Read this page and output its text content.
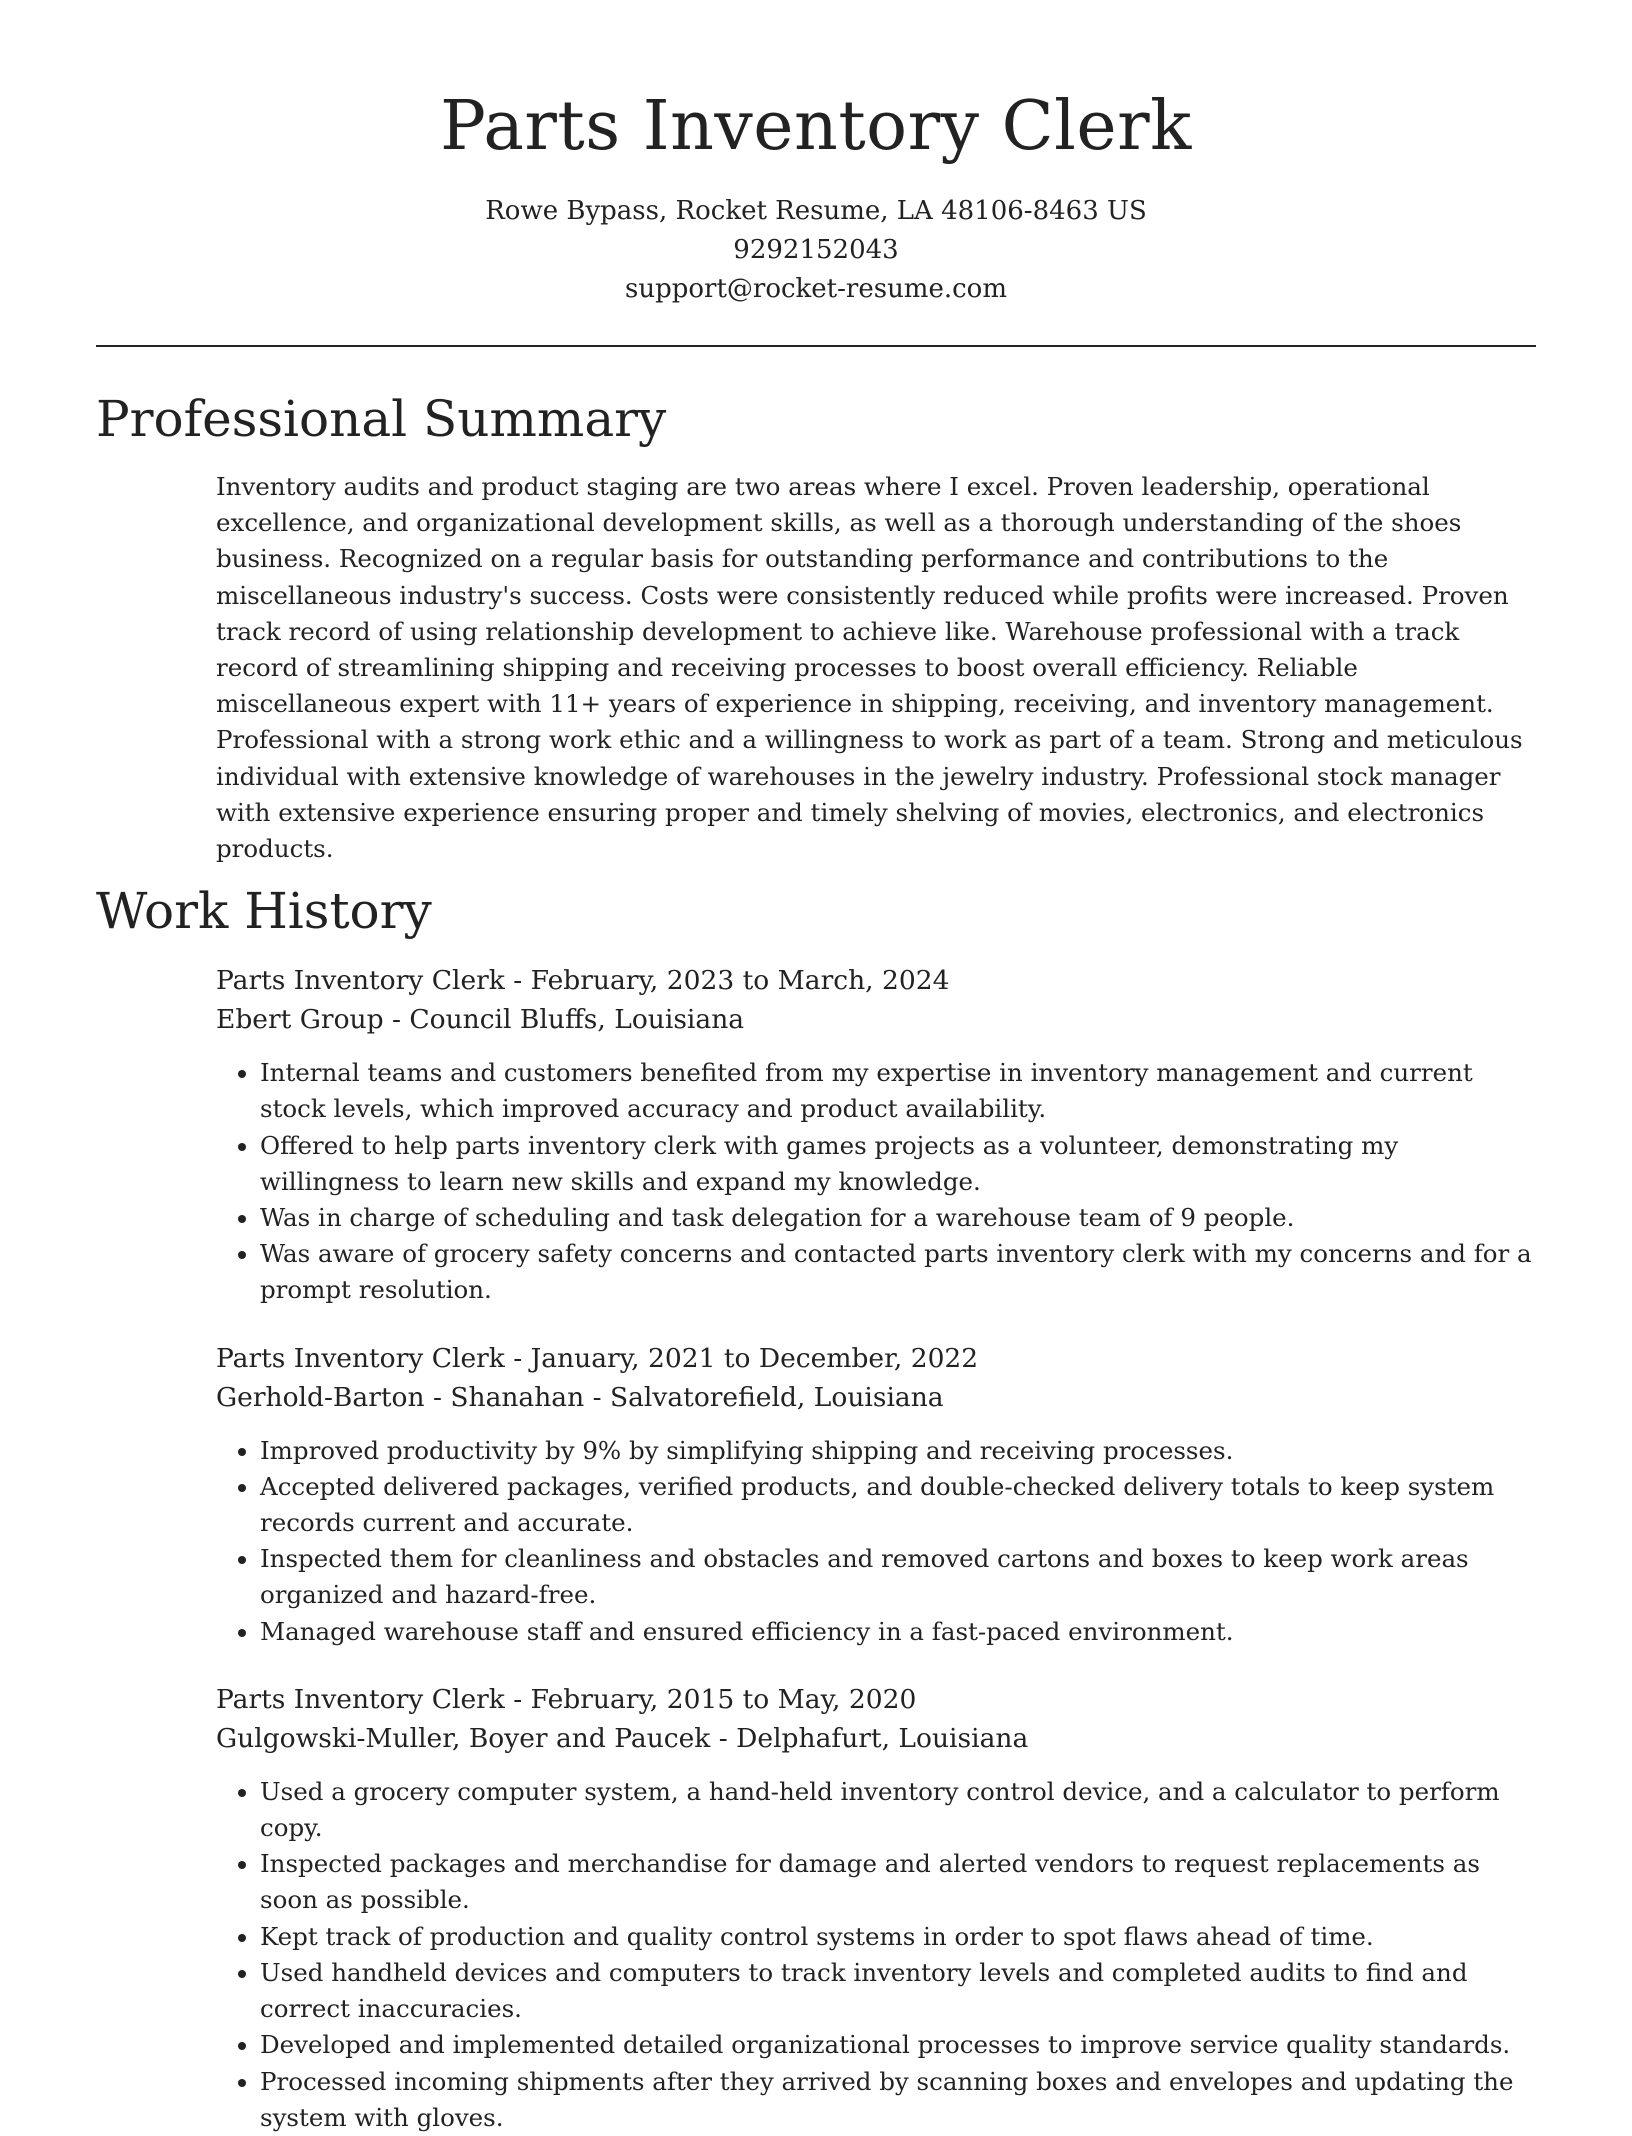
Parts Inventory Clerk
Rowe Bypass, Rocket Resume, LA 48106-8463 US
9292152043
support@rocket-resume.com
Professional Summary

Inventory audits and product staging are two areas where I excel. Proven leadership, operational excellence, and organizational development skills, as well as a thorough understanding of the shoes business. Recognized on a regular basis for outstanding performance and contributions to the miscellaneous industry's success. Costs were consistently reduced while profits were increased. Proven track record of using relationship development to achieve like. Warehouse professional with a track record of streamlining shipping and receiving processes to boost overall efficiency. Reliable miscellaneous expert with 11+ years of experience in shipping, receiving, and inventory management. Professional with a strong work ethic and a willingness to work as part of a team. Strong and meticulous individual with extensive knowledge of warehouses in the jewelry industry. Professional stock manager with extensive experience ensuring proper and timely shelving of movies, electronics, and electronics products.

Work History
Parts Inventory Clerk - February, 2023 to March, 2024
Ebert Group - Council Bluffs, Louisiana
• Internal teams and customers benefited from my expertise in inventory management and current stock levels, which improved accuracy and product availability.
• Offered to help parts inventory clerk with games projects as a volunteer, demonstrating my willingness to learn new skills and expand my knowledge.
• Was in charge of scheduling and task delegation for a warehouse team of 9 people.
• Was aware of grocery safety concerns and contacted parts inventory clerk with my concerns and for a prompt resolution.
Parts Inventory Clerk - January, 2021 to December, 2022
Gerhold-Barton - Shanahan - Salvatorefield, Louisiana
• Improved productivity by 9% by simplifying shipping and receiving processes.
• Accepted delivered packages, verified products, and double-checked delivery totals to keep system records current and accurate.
• Inspected them for cleanliness and obstacles and removed cartons and boxes to keep work areas organized and hazard-free.
• Managed warehouse staff and ensured efficiency in a fast-paced environment.
Parts Inventory Clerk - February, 2015 to May, 2020
Gulgowski-Muller, Boyer and Paucek - Delphafurt, Louisiana
• Used a grocery computer system, a hand-held inventory control device, and a calculator to perform copy.
• Inspected packages and merchandise for damage and alerted vendors to request replacements as soon as possible.
• Kept track of production and quality control systems in order to spot flaws ahead of time.
• Used handheld devices and computers to track inventory levels and completed audits to find and correct inaccuracies.
• Developed and implemented detailed organizational processes to improve service quality standards.
• Processed incoming shipments after they arrived by scanning boxes and envelopes and updating the system with gloves.
